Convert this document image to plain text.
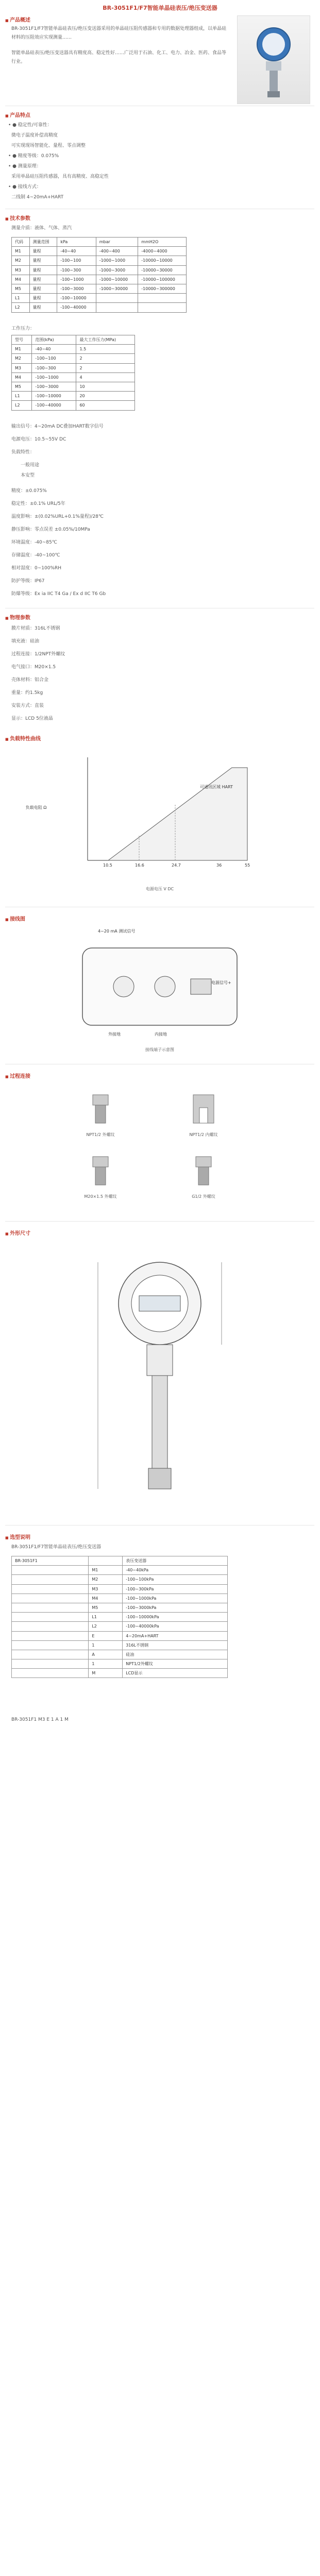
BR-3051F1/F7智能单晶硅表压/绝压变送器
■ 产品概述
BR-3051F1/F7智能单晶硅表压/绝压变送器采用的单晶硅压阻传感器和专用的数据处理器组成，以单晶硅材料的压阻效应实现测量……
智能单晶硅表压/绝压变送器具有精度高、稳定性好……广泛用于石油、化工、电力、冶金、医药、食品等行业。
■ 产品特点
• ● 稳定性/可靠性：
微电子温度补偿高精度
可实现现场智能化、量程、零点调整
• ● 精度等级：0.075%
• ● 测量原理：
采用单晶硅压阻传感器，具有高精度、高稳定性
• ● 接线方式：
二线制 4~20mA+HART
■ 技术参数
测量介质：液体、气体、蒸汽
代码	测量范围	kPa	mbar	mmH2O
M1	量程	-40~40	-400~400	-4000~4000
M2	量程	-100~100	-1000~1000	-10000~10000
M3	量程	-100~300	-1000~3000	-10000~30000
M4	量程	-100~1000	-1000~10000	-10000~100000
M5	量程	-100~3000	-1000~30000	-10000~300000
L1	量程	-100~10000		
L2	量程	-100~40000		
工作压力：
型号	范围(kPa)	最大工作压力(MPa)
M1	-40~40	1.5
M2	-100~100	2
M3	-100~300	2
M4	-100~1000	4
M5	-100~3000	10
L1	-100~10000	20
L2	-100~40000	60
输出信号：4~20mA DC叠加HART数字信号
电源电压：10.5~55V DC
负载特性：
一般用途
本安型
精度：±0.075%
稳定性：±0.1% URL/5年
温度影响：±(0.02%URL+0.1%量程)/28℃
静压影响：零点误差 ±0.05%/10MPa
环境温度：-40~85℃
存储温度：-40~100℃
相对湿度：0~100%RH
防护等级：IP67
防爆等级：Ex ia IIC T4 Ga / Ex d IIC T6 Gb
■ 物理参数
膜片材质：316L不锈钢
填充液：硅油
过程连接：1/2NPT外螺纹
电气接口：M20×1.5
壳体材料：铝合金
重量：约1.5kg
安装方式：直装
显示：LCD 5位液晶
■ 负载特性曲线
可通讯区域 HART
负载电阻 Ω
电源电压 V DC
10.5	16.6	24.7	36	55
■ 接线图
4~20 mA 测试信号
外接地	内接地
电源信号+
接线端子示意图
■ 过程连接
NPT1/2 外螺纹	NPT1/2 内螺纹
M20×1.5 外螺纹	G1/2 外螺纹
■ 外形尺寸
■ 选型说明
BR-3051F1/F7智能单晶硅表压/绝压变送器
BR-3051F1		表压变送器
	M1	-40~40kPa
	M2	-100~100kPa
	M3	-100~300kPa
	M4	-100~1000kPa
	M5	-100~3000kPa
	L1	-100~10000kPa
	L2	-100~40000kPa
	E	4~20mA+HART
	1	316L不锈钢
	A	硅油
	1	NPT1/2外螺纹
	M	LCD显示
BR-3051F1 M3 E 1 A 1 M
